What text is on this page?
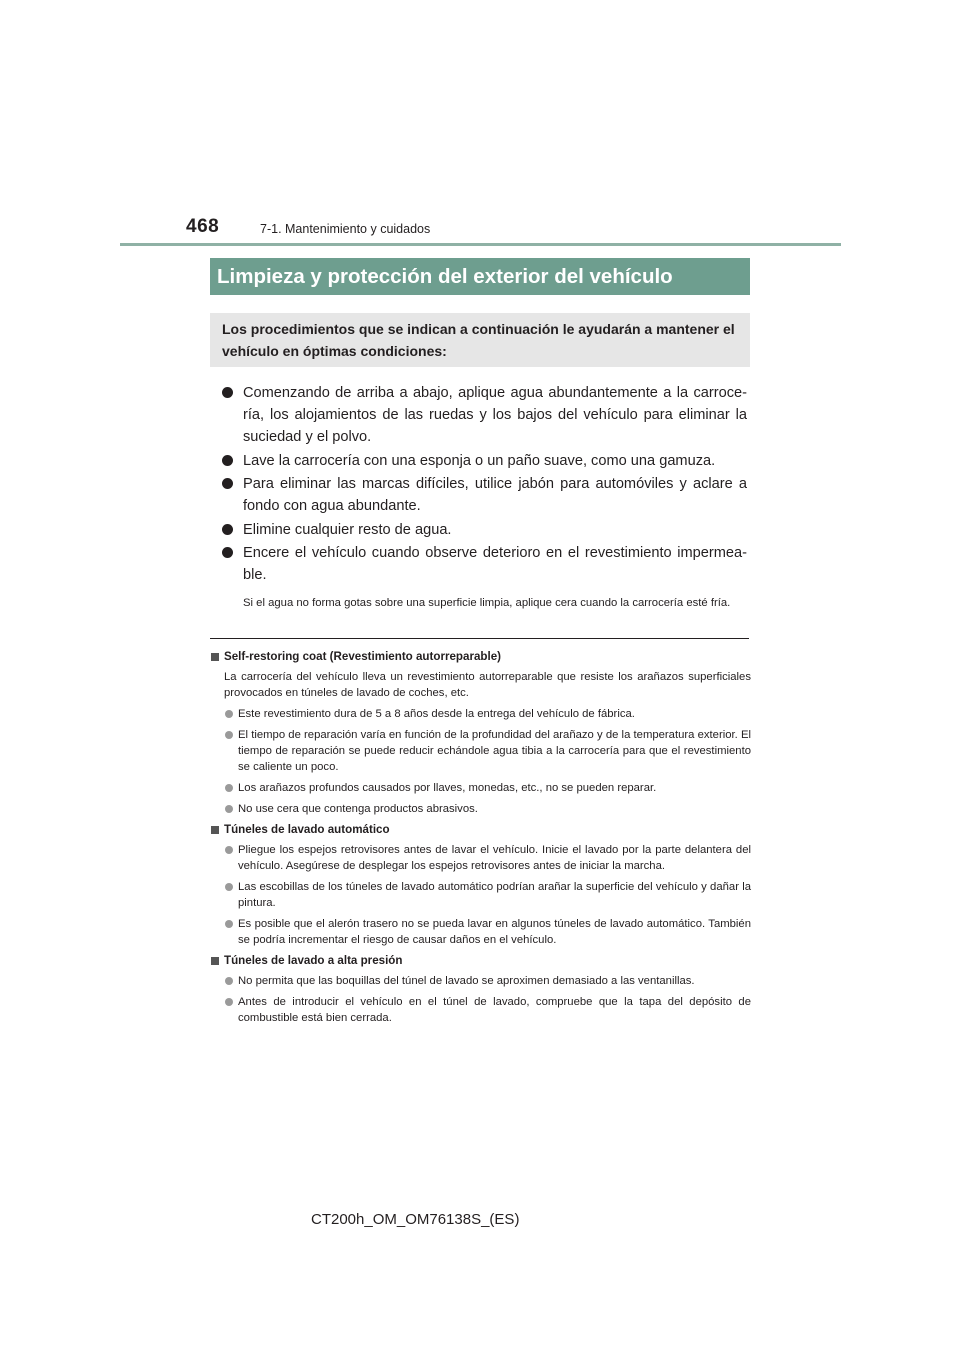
468	7-1. Mantenimiento y cuidados
Limpieza y protección del exterior del vehículo
Los procedimientos que se indican a continuación le ayudarán a mantener el vehículo en óptimas condiciones:
Comenzando de arriba a abajo, aplique agua abundantemente a la carroce-ría, los alojamientos de las ruedas y los bajos del vehículo para eliminar la suciedad y el polvo.
Lave la carrocería con una esponja o un paño suave, como una gamuza.
Para eliminar las marcas difíciles, utilice jabón para automóviles y aclare a fondo con agua abundante.
Elimine cualquier resto de agua.
Encere el vehículo cuando observe deterioro en el revestimiento impermea-ble.
Si el agua no forma gotas sobre una superficie limpia, aplique cera cuando la carrocería esté fría.
Self-restoring coat (Revestimiento autorreparable)
La carrocería del vehículo lleva un revestimiento autorreparable que resiste los arañazos superficiales provocados en túneles de lavado de coches, etc.
Este revestimiento dura de 5 a 8 años desde la entrega del vehículo de fábrica.
El tiempo de reparación varía en función de la profundidad del arañazo y de la temperatura exterior. El tiempo de reparación se puede reducir echándole agua tibia a la carrocería para que el revestimiento se caliente un poco.
Los arañazos profundos causados por llaves, monedas, etc., no se pueden reparar.
No use cera que contenga productos abrasivos.
Túneles de lavado automático
Pliegue los espejos retrovisores antes de lavar el vehículo. Inicie el lavado por la parte delantera del vehículo. Asegúrese de desplegar los espejos retrovisores antes de iniciar la marcha.
Las escobillas de los túneles de lavado automático podrían arañar la superficie del vehículo y dañar la pintura.
Es posible que el alerón trasero no se pueda lavar en algunos túneles de lavado automático. También se podría incrementar el riesgo de causar daños en el vehículo.
Túneles de lavado a alta presión
No permita que las boquillas del túnel de lavado se aproximen demasiado a las ventanillas.
Antes de introducir el vehículo en el túnel de lavado, compruebe que la tapa del depósito de combustible está bien cerrada.
CT200h_OM_OM76138S_(ES)
